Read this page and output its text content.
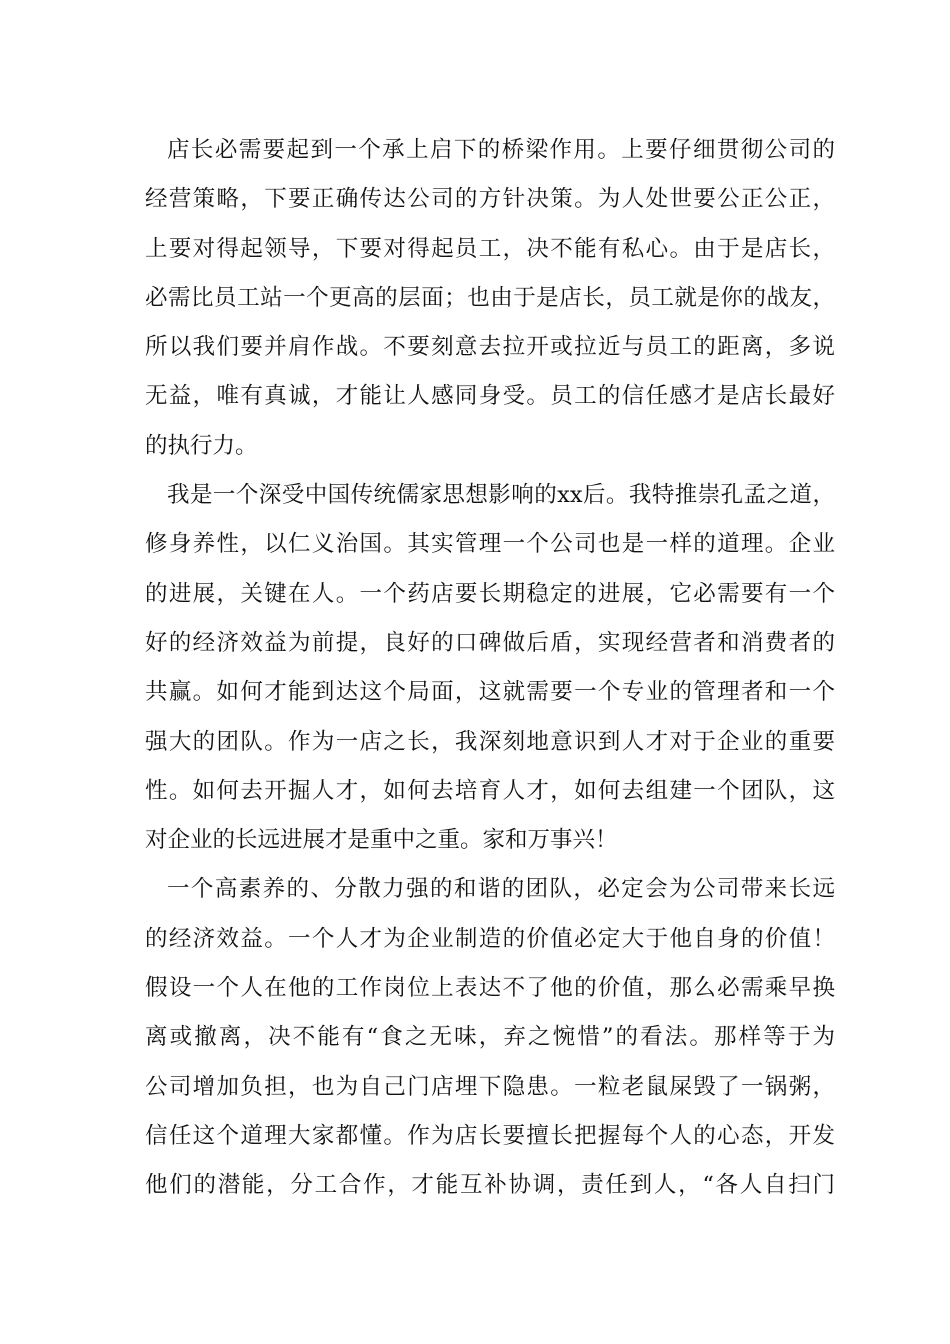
店长必需要起到一个承上启下的桥梁作用。上要仔细贯彻公司的
经营策略，下要正确传达公司的方针决策。为人处世要公正公正，
上要对得起领导，下要对得起员工，决不能有私心。由于是店长，
必需比员工站一个更高的层面；也由于是店长，员工就是你的战友，
所以我们要并肩作战。不要刻意去拉开或拉近与员工的距离，多说
无益，唯有真诚，才能让人感同身受。员工的信任感才是店长最好
的执行力。
我是一个深受中国传统儒家思想影响的xx后。我特推崇孔孟之道，
修身养性，以仁义治国。其实管理一个公司也是一样的道理。企业
的进展，关键在人。一个药店要长期稳定的进展，它必需要有一个
好的经济效益为前提，良好的口碑做后盾，实现经营者和消费者的
共赢。如何才能到达这个局面，这就需要一个专业的管理者和一个
强大的团队。作为一店之长，我深刻地意识到人才对于企业的重要
性。如何去开掘人才，如何去培育人才，如何去组建一个团队，这
对企业的长远进展才是重中之重。家和万事兴！
一个高素养的、分散力强的和谐的团队，必定会为公司带来长远
的经济效益。一个人才为企业制造的价值必定大于他自身的价值！
假设一个人在他的工作岗位上表达不了他的价值，那么必需乘早换
离或撤离，决不能有“食之无味，弃之惋惜”的看法。那样等于为
公司增加负担，也为自己门店埋下隐患。一粒老鼠屎毁了一锅粥，
信任这个道理大家都懂。作为店长要擅长把握每个人的心态，开发
他们的潜能，分工合作，才能互补协调，责任到人，“各人自扫门
